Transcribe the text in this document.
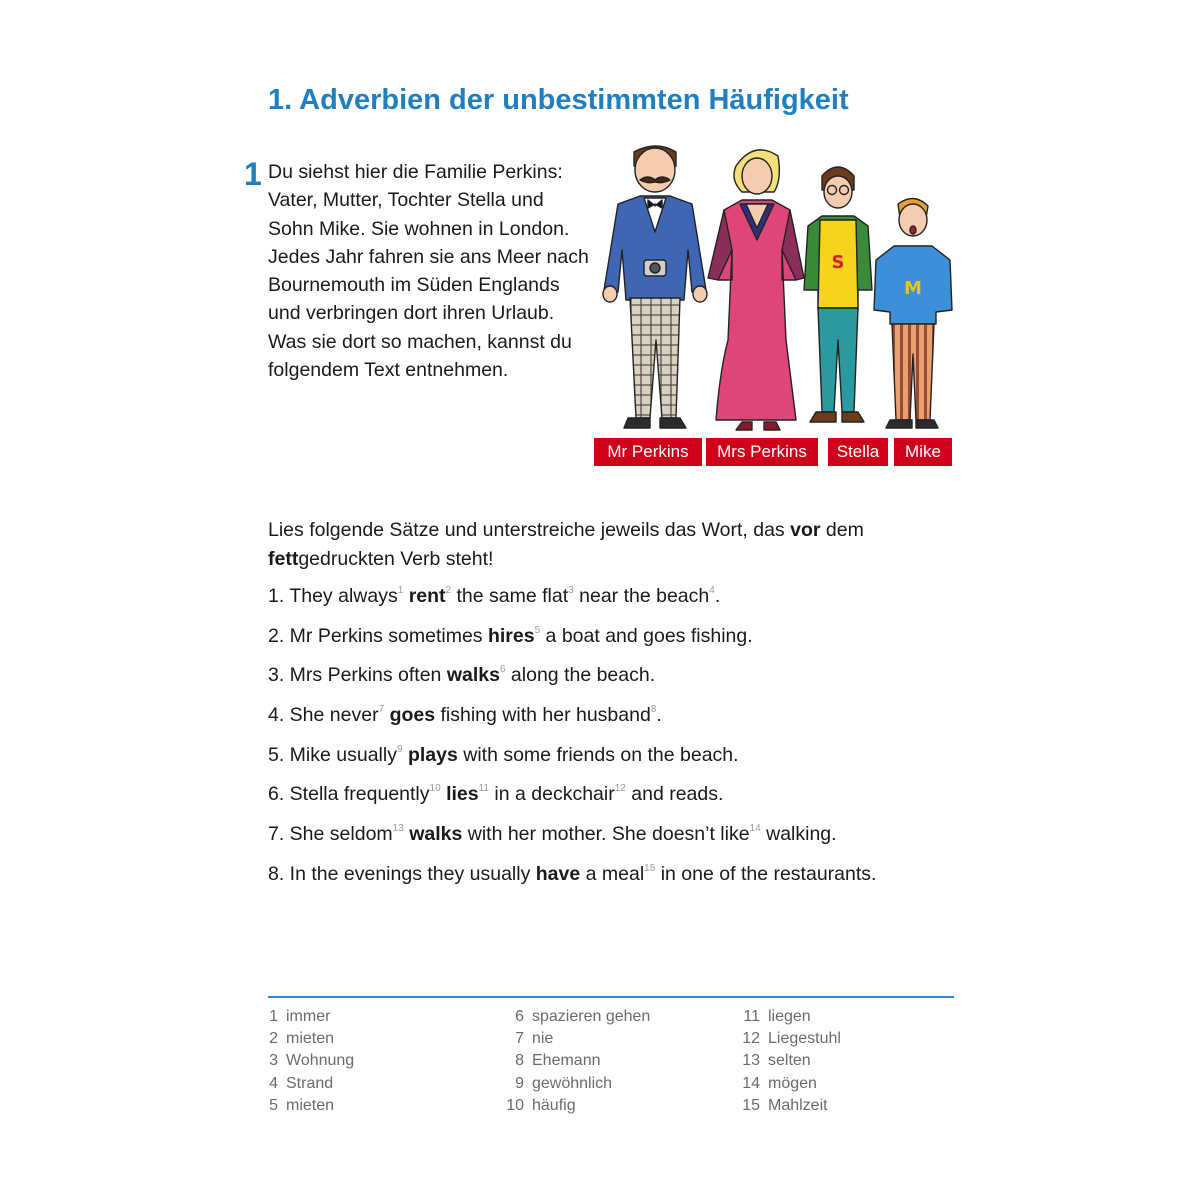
1. Adverbien der unbestimmten Häufigkeit
1 Du siehst hier die Familie Perkins:
Vater, Mutter, Tochter Stella und
Sohn Mike. Sie wohnen in London.
Jedes Jahr fahren sie ans Meer nach
Bournemouth im Süden Englands
und verbringen dort ihren Urlaub.
Was sie dort so machen, kannst du
folgendem Text entnehmen.
S
M
Mr Perkins	Mrs Perkins	Stella	Mike
Lies folgende Sätze und unterstreiche jeweils das Wort, das vor dem fettgedruckten Verb steht!
1. They always$^1$ rent$^2$ the same flat$^3$ near the beach$^4$.
2. Mr Perkins sometimes hires$^5$ a boat and goes fishing.
3. Mrs Perkins often walks$^6$ along the beach.
4. She never$^7$ goes fishing with her husband$^8$.
5. Mike usually$^9$ plays with some friends on the beach.
6. Stella frequently$^{10}$ lies$^{11}$ in a deckchair$^{12}$ and reads.
7. She seldom$^{13}$ walks with her mother. She doesn’t like$^{14}$ walking.
8. In the evenings they usually have a meal$^{15}$ in one of the restaurants.
1 immer
2 mieten
3 Wohnung
4 Strand
5 mieten
6 spazieren gehen
7 nie
8 Ehemann
9 gewöhnlich
10 häufig
11 liegen
12 Liegestuhl
13 selten
14 mögen
15 Mahlzeit
